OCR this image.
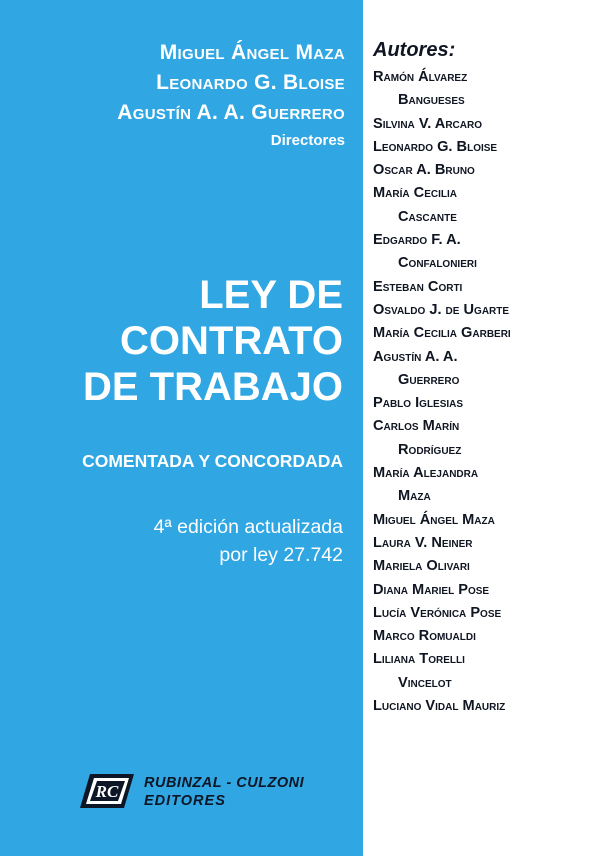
Miguel Ángel Maza
Leonardo G. Bloise
Agustín A. A. Guerrero
Directores
LEY DE
CONTRATO
DE TRABAJO
COMENTADA Y CONCORDADA
4ª edición actualizada
por ley 27.742
Autores:
Ramón Álvarez
Bangueses
Silvina V. Arcaro
Leonardo G. Bloise
Oscar A. Bruno
María Cecilia
Cascante
Edgardo F. A.
Confalonieri
Esteban Corti
Osvaldo J. de Ugarte
María Cecilia Garberi
Agustín A. A.
Guerrero
Pablo Iglesias
Carlos Marín
Rodríguez
María Alejandra
Maza
Miguel Ángel Maza
Laura V. Neiner
Mariela Olivari
Diana Mariel Pose
Lucía Verónica Pose
Marco Romualdi
Liliana Torelli
Vincelot
Luciano Vidal Mauriz
RC RUBINZAL - CULZONI
EDITORES
